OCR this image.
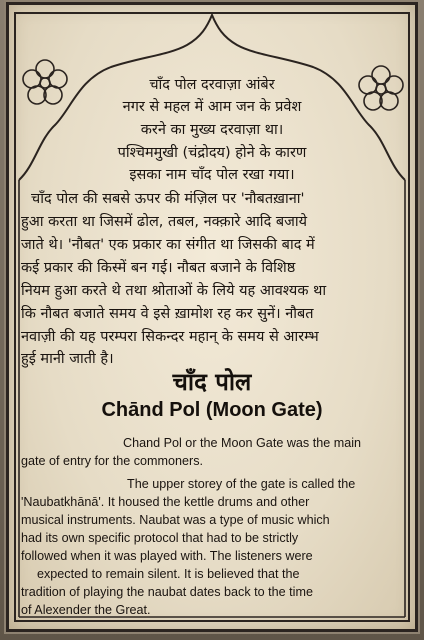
चाँद पोल दरवाज़ा आंबेर
नगर से महल में आम जन के प्रवेश
करने का मुख्य दरवाज़ा था।
पश्चिममुखी (चंद्रोदय) होने के कारण
इसका नाम चाँद पोल रखा गया।
चाँद पोल की सबसे ऊपर की मंज़िल पर 'नौबतख़ाना'
हुआ करता था जिसमें ढोल, तबल, नक्क़ारे आदि बजाये
जाते थे। 'नौबत' एक प्रकार का संगीत था जिसकी बाद में
कई प्रकार की किस्में बन गई। नौबत बजाने के विशिष्ठ
नियम हुआ करते थे तथा श्रोताओं के लिये यह आवश्यक था
कि नौबत बजाते समय वे इसे ख़ामोश रह कर सुनें। नौबत
नवाज़ी की यह परम्परा सिकन्दर महान् के समय से आरम्भ
हुई मानी जाती है।
चाँद पोल
Chānd Pol (Moon Gate)
Chand Pol or the Moon Gate was the main
gate of entry for the commoners.
The upper storey of the gate is called the
'Naubatkhānā'. It housed the kettle drums and other
musical instruments. Naubat was a type of music which
had its own specific protocol that had to be strictly
followed when it was played with. The listeners were
expected to remain silent. It is believed that the
tradition of playing the naubat dates back to the time
of Alexender the Great.
